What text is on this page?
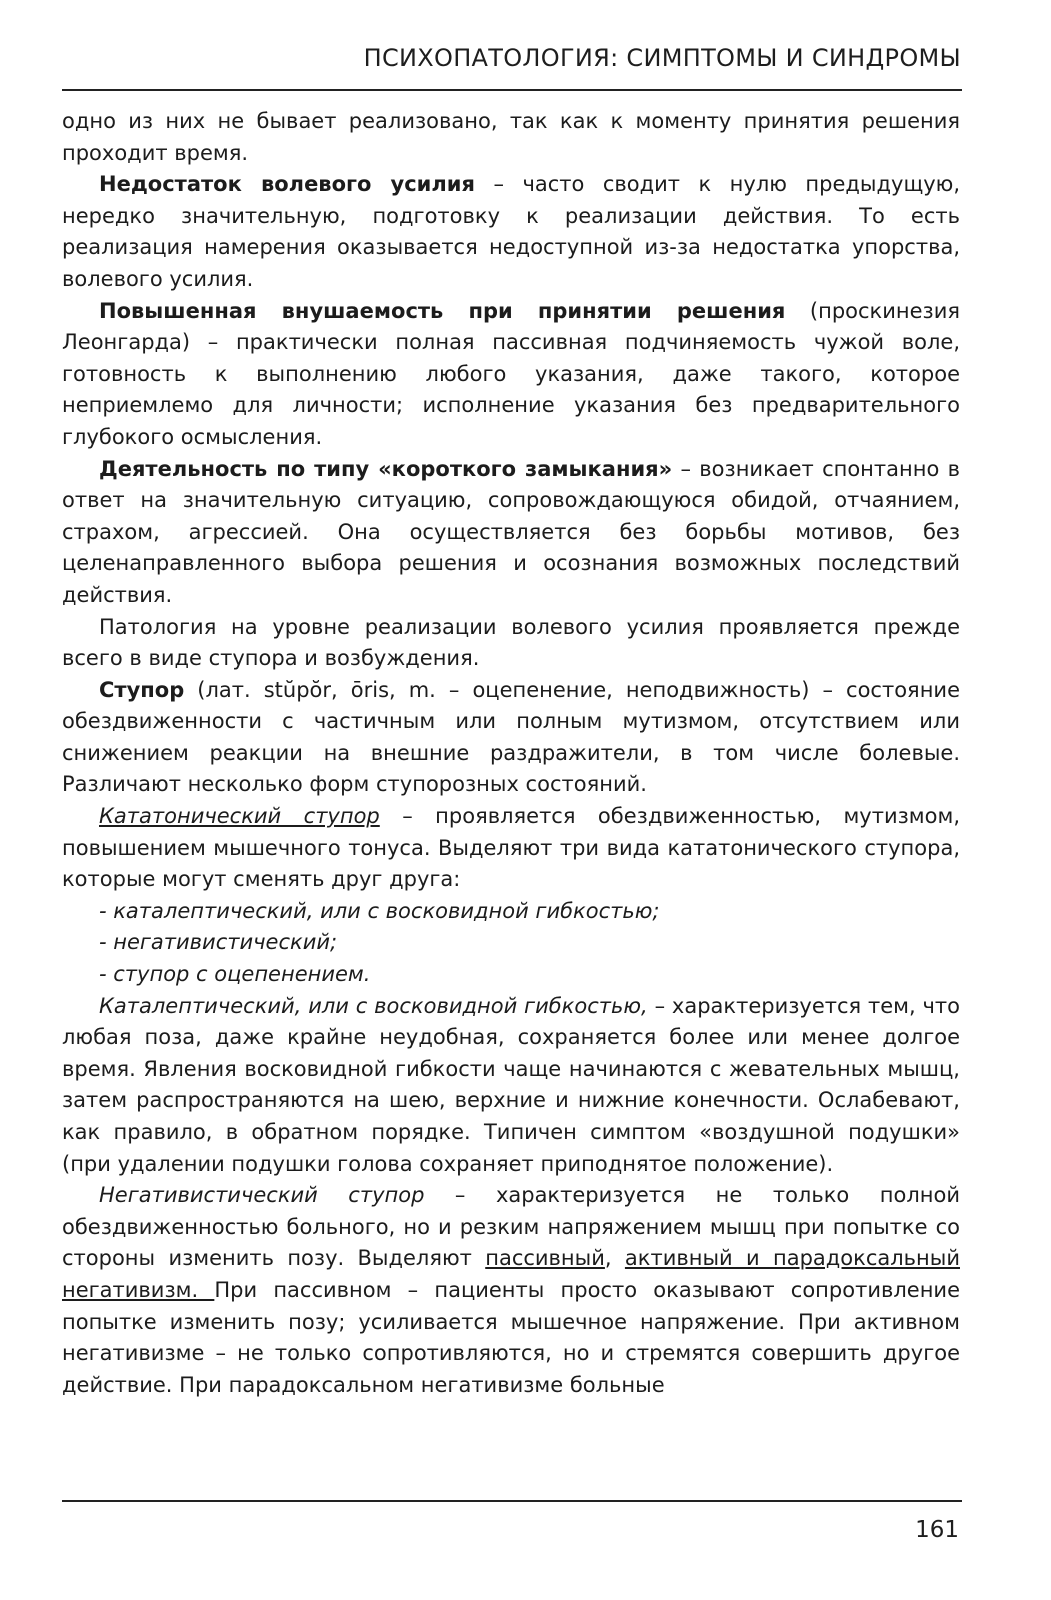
ПСИХОПАТОЛОГИЯ: СИМПТОМЫ И СИНДРОМЫ

одно из них не бывает реализовано, так как к моменту принятия решения проходит время.

Недостаток волевого усилия – часто сводит к нулю предыдущую, нередко значительную, подготовку к реализации действия. То есть реализация намерения оказывается недоступной из-за недостатка упорства, волевого усилия.

Повышенная внушаемость при принятии решения (проскинезия Леонгарда) – практически полная пассивная подчиняемость чужой воле, готовность к выполнению любого указания, даже такого, которое неприемлемо для личности; исполнение указания без предварительного глубокого осмысления.

Деятельность по типу «короткого замыкания» – возникает спонтанно в ответ на значительную ситуацию, сопровождающуюся обидой, отчаянием, страхом, агрессией. Она осуществляется без борьбы мотивов, без целенаправленного выбора решения и осознания возможных последствий действия.

Патология на уровне реализации волевого усилия проявляется прежде всего в виде ступора и возбуждения.

Ступор (лат. stŭpŏr, ōris, m. – оцепенение, неподвижность) – состояние обездвиженности с частичным или полным мутизмом, отсутствием или снижением реакции на внешние раздражители, в том числе болевые. Различают несколько форм ступорозных состояний.

Кататонический ступор – проявляется обездвиженностью, мутизмом, повышением мышечного тонуса. Выделяют три вида кататонического ступора, которые могут сменять друг друга:

- каталептический, или с восковидной гибкостью;

- негативистический;

- ступор с оцепенением.

Каталептический, или с восковидной гибкостью, – характеризуется тем, что любая поза, даже крайне неудобная, сохраняется более или менее долгое время. Явления восковидной гибкости чаще начинаются с жевательных мышц, затем распространяются на шею, верхние и нижние конечности. Ослабевают, как правило, в обратном порядке. Типичен симптом «воздушной подушки» (при удалении подушки голова сохраняет приподнятое положение).

Негативистический ступор – характеризуется не только полной обездвиженностью больного, но и резким напряжением мышц при попытке со стороны изменить позу. Выделяют пассивный, активный и парадоксальный негативизм. При пассивном – пациенты просто оказывают сопротивление попытке изменить позу; усиливается мышечное напряжение. При активном негативизме – не только сопротивляются, но и стремятся совершить другое действие. При парадоксальном негативизме больные

161
